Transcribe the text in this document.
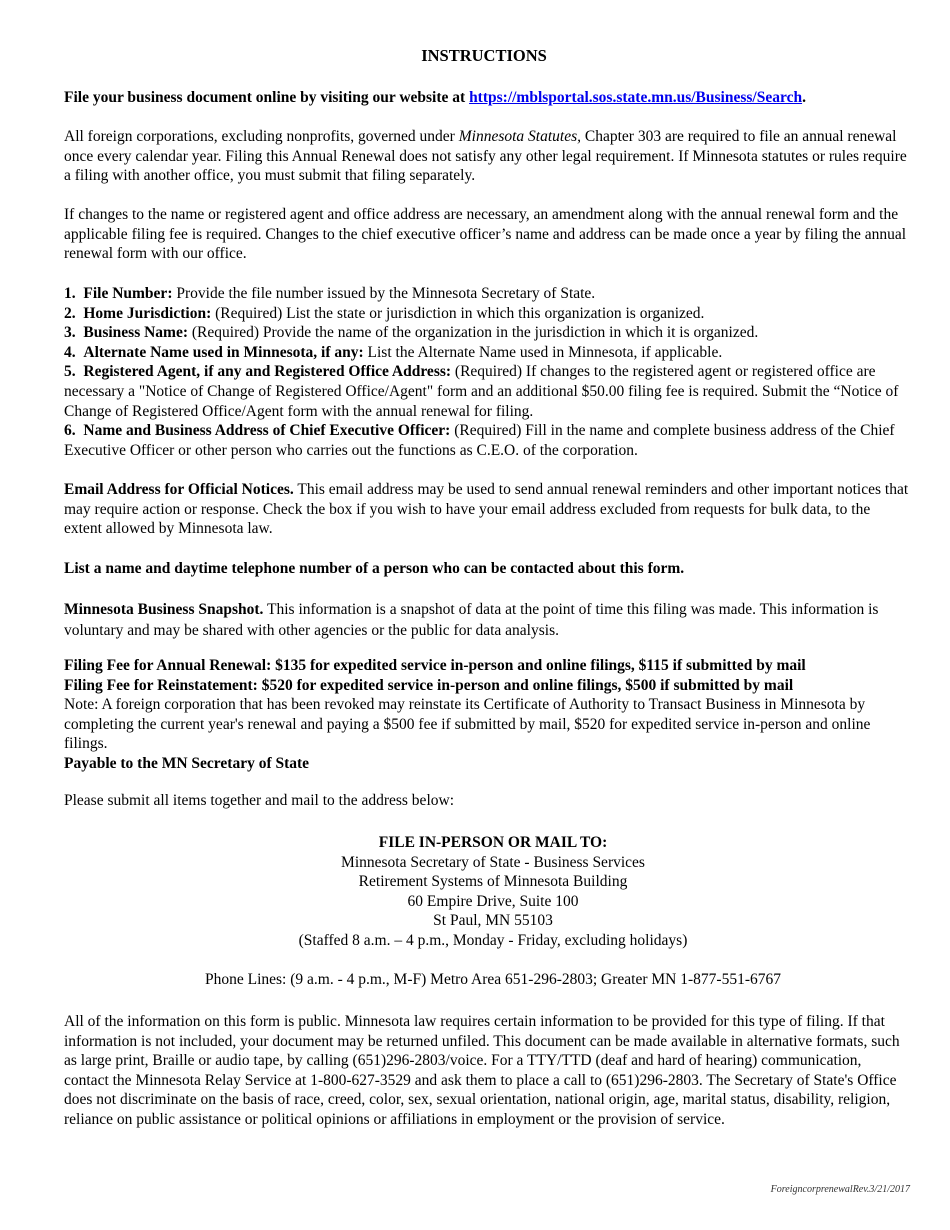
INSTRUCTIONS

File your business document online by visiting our website at https://mblsportal.sos.state.mn.us/Business/Search.

All foreign corporations, excluding nonprofits, governed under Minnesota Statutes, Chapter 303 are required to file an annual renewal once every calendar year. Filing this Annual Renewal does not satisfy any other legal requirement. If Minnesota statutes or rules require a filing with another office, you must submit that filing separately.

If changes to the name or registered agent and office address are necessary, an amendment along with the annual renewal form and the applicable filing fee is required. Changes to the chief executive officer’s name and address can be made once a year by filing the annual renewal form with our office.

1. File Number: Provide the file number issued by the Minnesota Secretary of State.
2. Home Jurisdiction: (Required) List the state or jurisdiction in which this organization is organized.
3. Business Name: (Required) Provide the name of the organization in the jurisdiction in which it is organized.
4. Alternate Name used in Minnesota, if any: List the Alternate Name used in Minnesota, if applicable.
5. Registered Agent, if any and Registered Office Address: (Required) If changes to the registered agent or registered office are necessary a "Notice of Change of Registered Office/Agent" form and an additional $50.00 filing fee is required. Submit the “Notice of Change of Registered Office/Agent form with the annual renewal for filing.
6. Name and Business Address of Chief Executive Officer: (Required) Fill in the name and complete business address of the Chief Executive Officer or other person who carries out the functions as C.E.O. of the corporation.

Email Address for Official Notices. This email address may be used to send annual renewal reminders and other important notices that may require action or response. Check the box if you wish to have your email address excluded from requests for bulk data, to the extent allowed by Minnesota law.

List a name and daytime telephone number of a person who can be contacted about this form.

Minnesota Business Snapshot. This information is a snapshot of data at the point of time this filing was made. This information is voluntary and may be shared with other agencies or the public for data analysis.

Filing Fee for Annual Renewal: $135 for expedited service in-person and online filings, $115 if submitted by mail
Filing Fee for Reinstatement: $520 for expedited service in-person and online filings, $500 if submitted by mail
Note: A foreign corporation that has been revoked may reinstate its Certificate of Authority to Transact Business in Minnesota by completing the current year's renewal and paying a $500 fee if submitted by mail, $520 for expedited service in-person and online filings.
Payable to the MN Secretary of State

Please submit all items together and mail to the address below:

FILE IN-PERSON OR MAIL TO:
Minnesota Secretary of State - Business Services
Retirement Systems of Minnesota Building
60 Empire Drive, Suite 100
St Paul, MN 55103
(Staffed 8 a.m. – 4 p.m., Monday - Friday, excluding holidays)
Phone Lines: (9 a.m. - 4 p.m., M-F) Metro Area 651-296-2803; Greater MN 1-877-551-6767

All of the information on this form is public. Minnesota law requires certain information to be provided for this type of filing. If that information is not included, your document may be returned unfiled. This document can be made available in alternative formats, such as large print, Braille or audio tape, by calling (651)296-2803/voice. For a TTY/TTD (deaf and hard of hearing) communication, contact the Minnesota Relay Service at 1-800-627-3529 and ask them to place a call to (651)296-2803. The Secretary of State's Office does not discriminate on the basis of race, creed, color, sex, sexual orientation, national origin, age, marital status, disability, religion, reliance on public assistance or political opinions or affiliations in employment or the provision of service.

ForeigncorprenewalRev.3/21/2017
